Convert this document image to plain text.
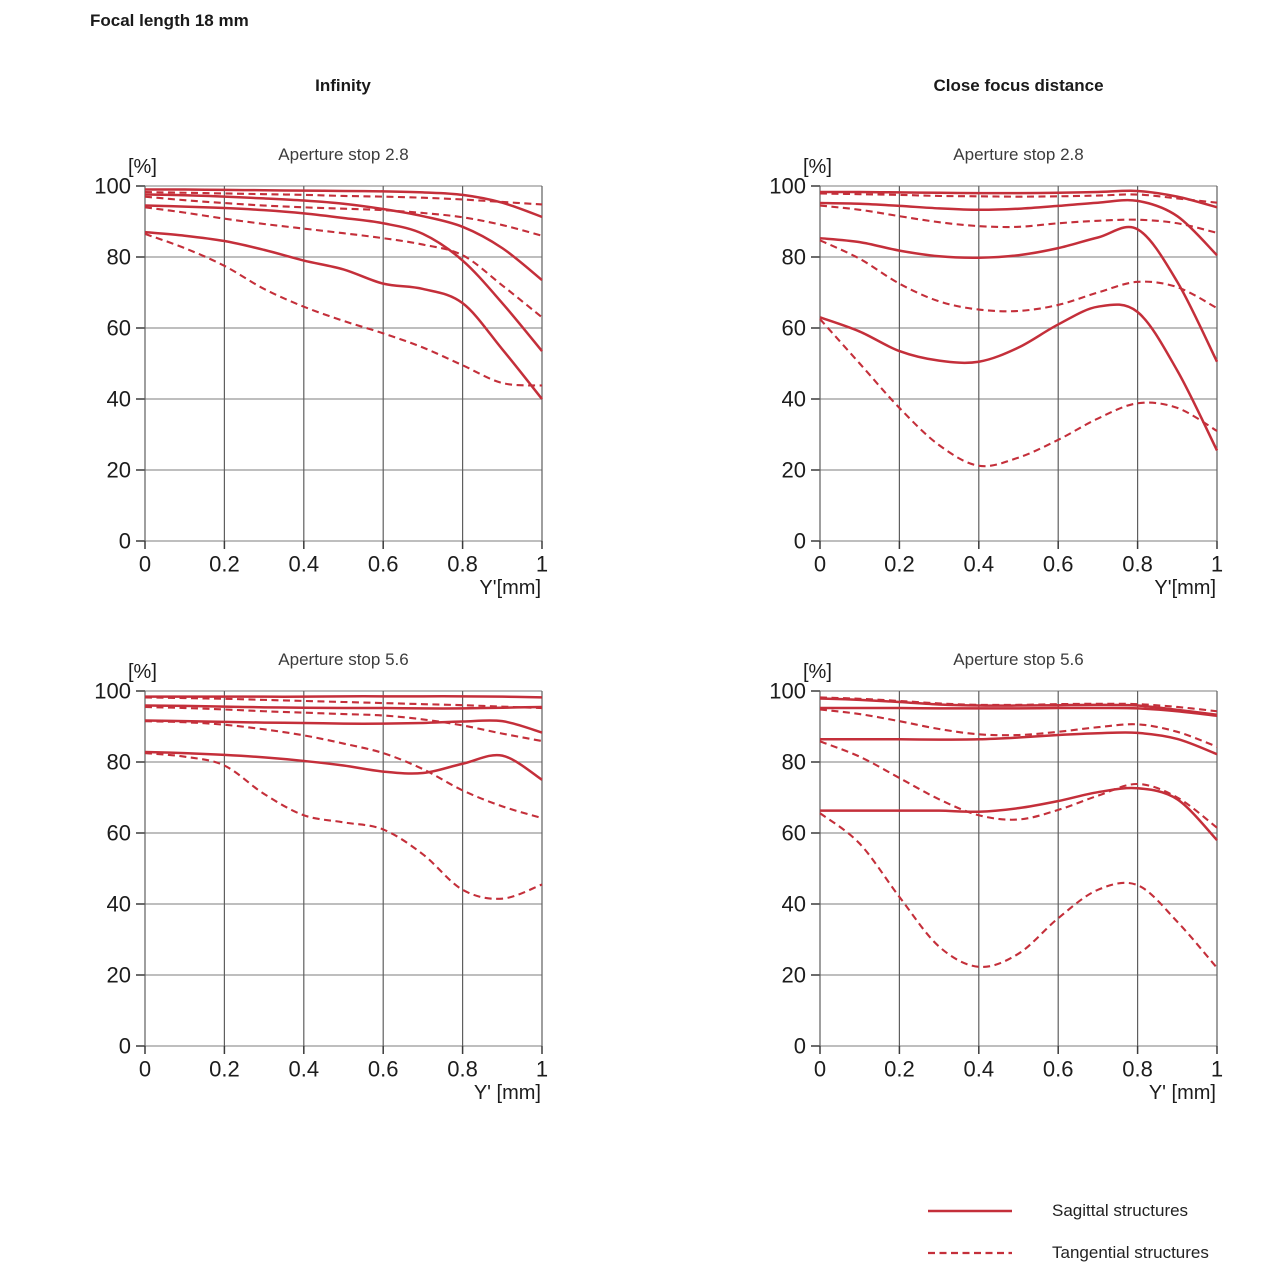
Focal length 18 mm
Infinity	Close focus distance
Aperture stop 2.8
[%]
0
20
40
60
80
100
0	0.2 0.4 0.6 0.8	1
Y'[mm]
Aperture stop 2.8
[%]
0
20
40
60
80
100
0	0.2 0.4 0.6 0.8	1
Y'[mm]
Aperture stop 5.6
[%]
0
20
40
60
80
100
0	0.2 0.4 0.6 0.8	1
Y' [mm]
Aperture stop 5.6
[%]
0
20
40
60
80
100
0	0.2 0.4 0.6 0.8	1
Y' [mm]
Sagittal structures
Tangential structures
